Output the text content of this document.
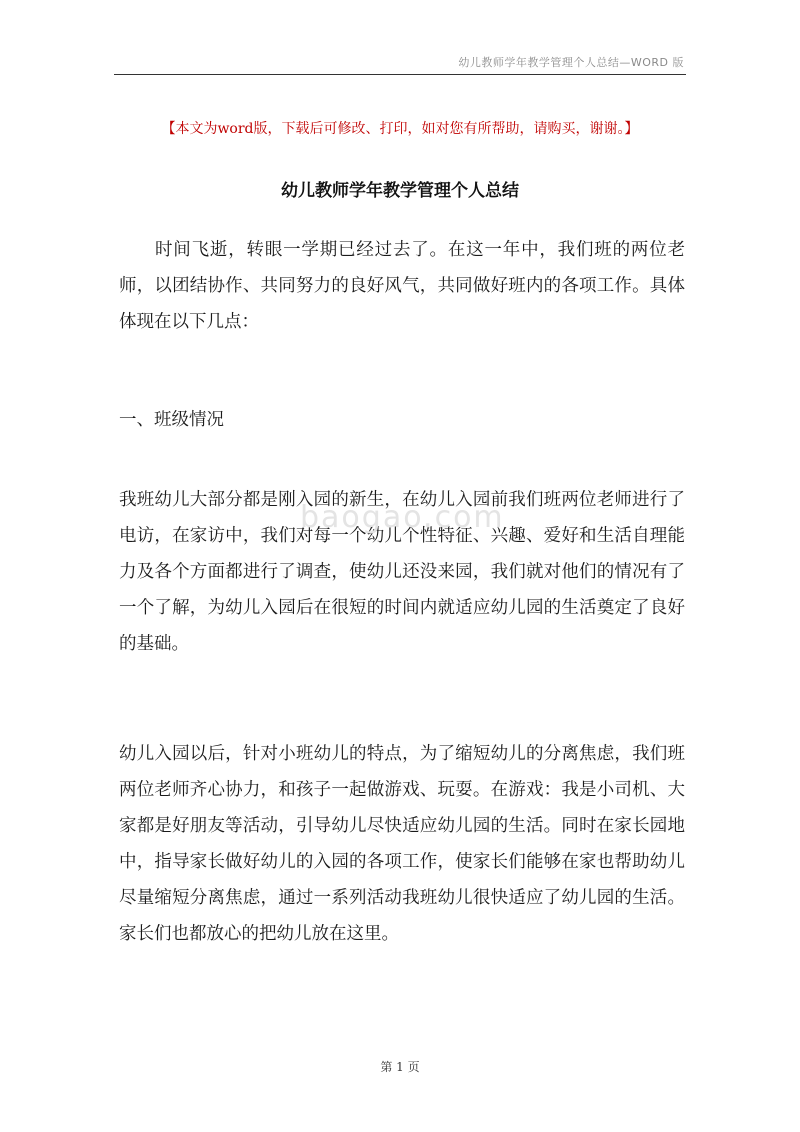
幼儿教师学年教学管理个人总结—WORD 版
【本文为word版，下载后可修改、打印，如对您有所帮助，请购买，谢谢。】
幼儿教师学年教学管理个人总结
时间飞逝，转眼一学期已经过去了。在这一年中，我们班的两位老师，以团结协作、共同努力的良好风气，共同做好班内的各项工作。具体体现在以下几点：
一、班级情况
我班幼儿大部分都是刚入园的新生，在幼儿入园前我们班两位老师进行了电访，在家访中，我们对每一个幼儿个性特征、兴趣、爱好和生活自理能力及各个方面都进行了调查，使幼儿还没来园，我们就对他们的情况有了一个了解，为幼儿入园后在很短的时间内就适应幼儿园的生活奠定了良好的基础。
幼儿入园以后，针对小班幼儿的特点，为了缩短幼儿的分离焦虑，我们班两位老师齐心协力，和孩子一起做游戏、玩耍。在游戏：我是小司机、大家都是好朋友等活动，引导幼儿尽快适应幼儿园的生活。同时在家长园地中，指导家长做好幼儿的入园的各项工作，使家长们能够在家也帮助幼儿尽量缩短分离焦虑，通过一系列活动我班幼儿很快适应了幼儿园的生活。家长们也都放心的把幼儿放在这里。
baogao.com
第 1 页
